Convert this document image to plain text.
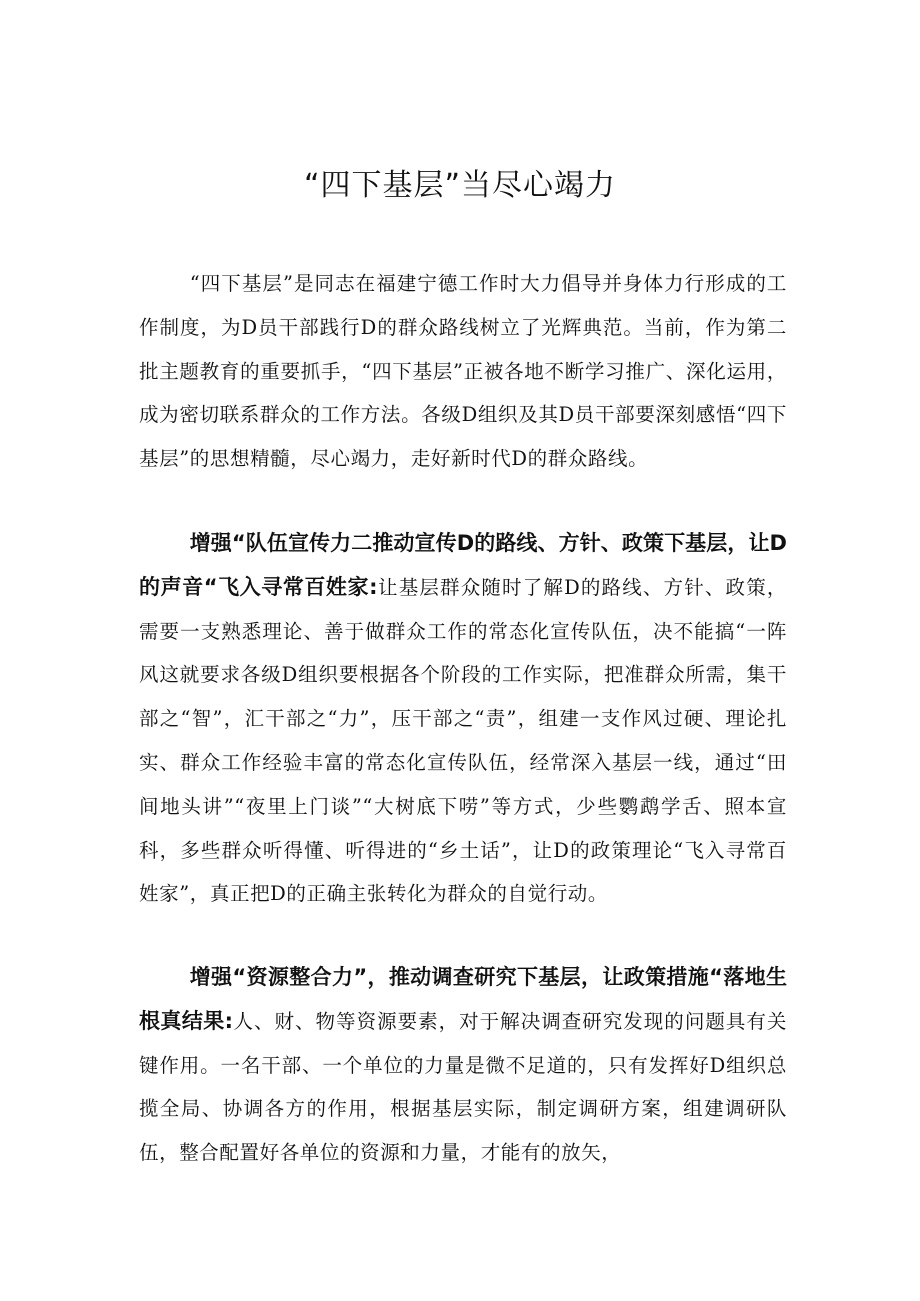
“四下基层”当尽心竭力

“四下基层”是同志在福建宁德工作时大力倡导并身体力行形成的工作制度，为D员干部践行D的群众路线树立了光辉典范。当前，作为第二批主题教育的重要抓手，“四下基层”正被各地不断学习推广、深化运用，成为密切联系群众的工作方法。各级D组织及其D员干部要深刻感悟“四下基层”的思想精髓，尽心竭力，走好新时代D的群众路线。

增强“队伍宣传力二推动宣传D的路线、方针、政策下基层，让D的声音“飞入寻常百姓家:让基层群众随时了解D的路线、方针、政策，需要一支熟悉理论、善于做群众工作的常态化宣传队伍，决不能搞“一阵风这就要求各级D组织要根据各个阶段的工作实际，把准群众所需，集干部之“智”，汇干部之“力”，压干部之“责”，组建一支作风过硬、理论扎实、群众工作经验丰富的常态化宣传队伍，经常深入基层一线，通过“田间地头讲”“夜里上门谈”“大树底下唠”等方式，少些鹦鹉学舌、照本宣科，多些群众听得懂、听得进的“乡土话”，让D的政策理论“飞入寻常百姓家”，真正把D的正确主张转化为群众的自觉行动。

增强“资源整合力”，推动调查研究下基层，让政策措施“落地生根真结果:人、财、物等资源要素，对于解决调查研究发现的问题具有关键作用。一名干部、一个单位的力量是微不足道的，只有发挥好D组织总揽全局、协调各方的作用，根据基层实际，制定调研方案，组建调研队伍，整合配置好各单位的资源和力量，才能有的放矢，
